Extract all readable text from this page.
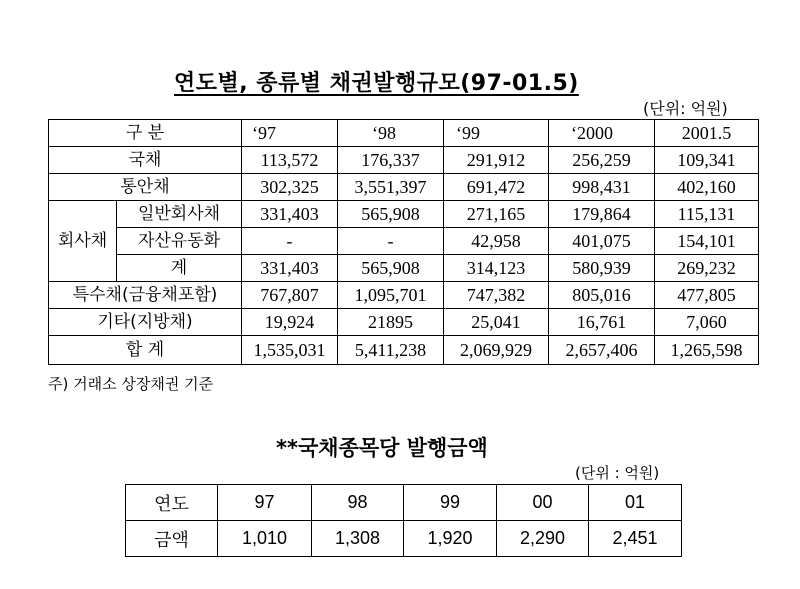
연도별, 종류별 채권발행규모(97-01.5)
(단위: 억원)
구 분		‘97	‘98	‘99	‘2000	2001.5
국채		113,572	176,337	291,912	256,259	109,341
통안채		302,325	3,551,397	691,472	998,431	402,160
회사채	일반회사채	331,403	565,908	271,165	179,864	115,131
	자산유동화	-	-	42,958	401,075	154,101
	계	331,403	565,908	314,123	580,939	269,232
특수채(금융채포함)		767,807	1,095,701	747,382	805,016	477,805
기타(지방채)		19,924	21895	25,041	16,761	7,060
합 계		1,535,031	5,411,238	2,069,929	2,657,406	1,265,598
주) 거래소 상장채권 기준
**국채종목당 발행금액
(단위 : 억원)
연도	97	98	99	00	01
금액	1,010	1,308	1,920	2,290	2,451
